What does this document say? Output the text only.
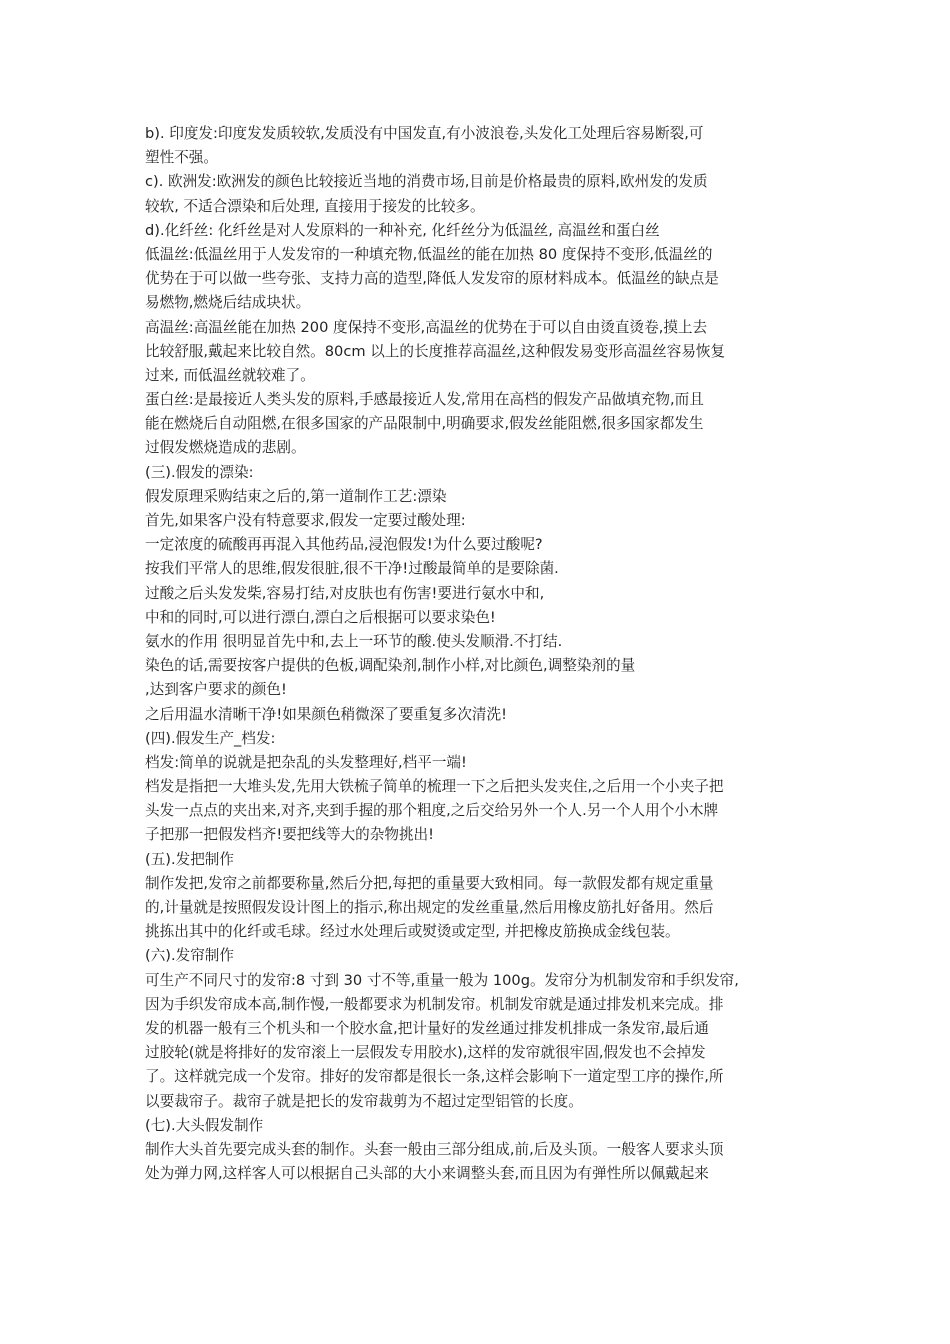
b). 印度发:印度发发质较软,发质没有中国发直,有小波浪卷,头发化工处理后容易断裂,可
塑性不强。
c). 欧洲发:欧洲发的颜色比较接近当地的消费市场,目前是价格最贵的原料,欧州发的发质
较软, 不适合漂染和后处理, 直接用于接发的比较多。
d).化纤丝: 化纤丝是对人发原料的一种补充, 化纤丝分为低温丝, 高温丝和蛋白丝
低温丝:低温丝用于人发发帘的一种填充物,低温丝的能在加热 80 度保持不变形,低温丝的
优势在于可以做一些夸张、支持力高的造型,降低人发发帘的原材料成本。低温丝的缺点是
易燃物,燃烧后结成块状。
高温丝:高温丝能在加热 200 度保持不变形,高温丝的优势在于可以自由烫直烫卷,摸上去
比较舒服,戴起来比较自然。80cm 以上的长度推荐高温丝,这种假发易变形高温丝容易恢复
过来, 而低温丝就较难了。
蛋白丝:是最接近人类头发的原料,手感最接近人发,常用在高档的假发产品做填充物,而且
能在燃烧后自动阻燃,在很多国家的产品限制中,明确要求,假发丝能阻燃,很多国家都发生
过假发燃烧造成的悲剧。
(三).假发的漂染:
假发原理采购结束之后的,第一道制作工艺:漂染
首先,如果客户没有特意要求,假发一定要过酸处理:
一定浓度的硫酸再再混入其他药品,浸泡假发!为什么要过酸呢?
按我们平常人的思维,假发很脏,很不干净!过酸最简单的是要除菌.
过酸之后头发发柴,容易打结,对皮肤也有伤害!要进行氨水中和,
中和的同时,可以进行漂白,漂白之后根据可以要求染色!
氨水的作用 很明显首先中和,去上一环节的酸.使头发顺滑.不打结.
染色的话,需要按客户提供的色板,调配染剂,制作小样,对比颜色,调整染剂的量
,达到客户要求的颜色!
之后用温水清晰干净!如果颜色稍微深了要重复多次清洗!
(四).假发生产_档发:
档发:简单的说就是把杂乱的头发整理好,档平一端!
档发是指把一大堆头发,先用大铁梳子简单的梳理一下之后把头发夹住,之后用一个小夹子把
头发一点点的夹出来,对齐,夹到手握的那个粗度,之后交给另外一个人.另一个人用个小木牌
子把那一把假发档齐!要把线等大的杂物挑出!
(五).发把制作
制作发把,发帘之前都要称量,然后分把,每把的重量要大致相同。每一款假发都有规定重量
的,计量就是按照假发设计图上的指示,称出规定的发丝重量,然后用橡皮筋扎好备用。然后
挑拣出其中的化纤或毛球。经过水处理后或熨烫或定型, 并把橡皮筋换成金线包装。
(六).发帘制作
可生产不同尺寸的发帘:8 寸到 30 寸不等,重量一般为 100g。发帘分为机制发帘和手织发帘,
因为手织发帘成本高,制作慢,一般都要求为机制发帘。机制发帘就是通过排发机来完成。排
发的机器一般有三个机头和一个胶水盒,把计量好的发丝通过排发机排成一条发帘,最后通
过胶轮(就是将排好的发帘滚上一层假发专用胶水),这样的发帘就很牢固,假发也不会掉发
了。这样就完成一个发帘。排好的发帘都是很长一条,这样会影响下一道定型工序的操作,所
以要裁帘子。裁帘子就是把长的发帘裁剪为不超过定型铝管的长度。
(七).大头假发制作
制作大头首先要完成头套的制作。头套一般由三部分组成,前,后及头顶。一般客人要求头顶
处为弹力网,这样客人可以根据自己头部的大小来调整头套,而且因为有弹性所以佩戴起来
